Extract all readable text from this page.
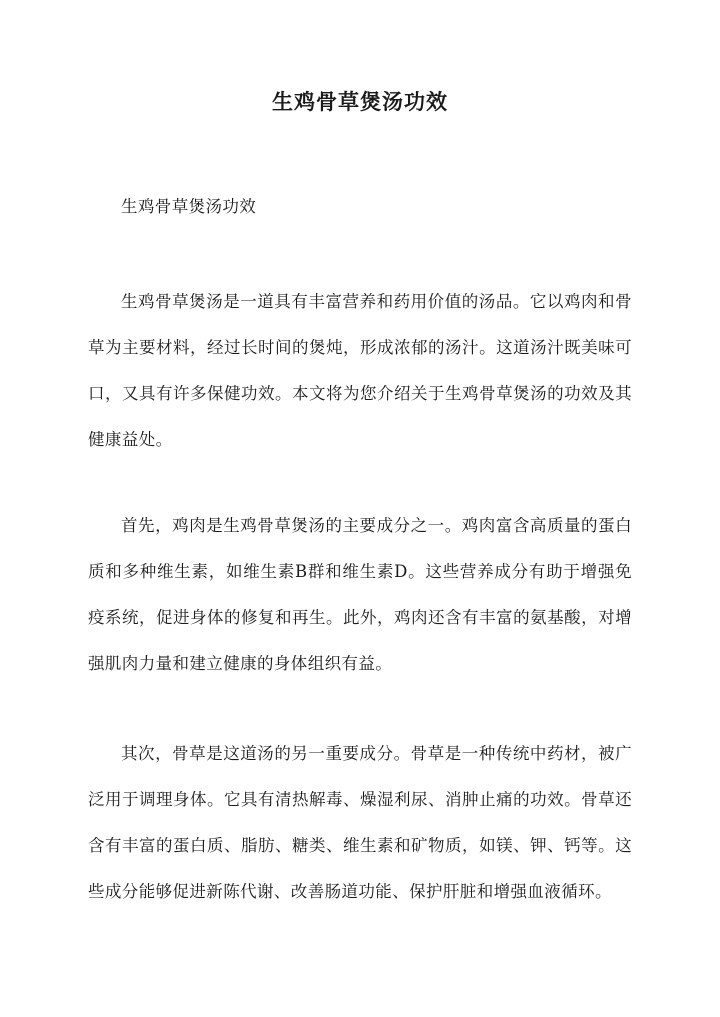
生鸡骨草煲汤功效

生鸡骨草煲汤功效

生鸡骨草煲汤是一道具有丰富营养和药用价值的汤品。它以鸡肉和骨草为主要材料，经过长时间的煲炖，形成浓郁的汤汁。这道汤汁既美味可口，又具有许多保健功效。本文将为您介绍关于生鸡骨草煲汤的功效及其健康益处。

首先，鸡肉是生鸡骨草煲汤的主要成分之一。鸡肉富含高质量的蛋白质和多种维生素，如维生素B群和维生素D。这些营养成分有助于增强免疫系统，促进身体的修复和再生。此外，鸡肉还含有丰富的氨基酸，对增强肌肉力量和建立健康的身体组织有益。

其次，骨草是这道汤的另一重要成分。骨草是一种传统中药材，被广泛用于调理身体。它具有清热解毒、燥湿利尿、消肿止痛的功效。骨草还含有丰富的蛋白质、脂肪、糖类、维生素和矿物质，如镁、钾、钙等。这些成分能够促进新陈代谢、改善肠道功能、保护肝脏和增强血液循环。
